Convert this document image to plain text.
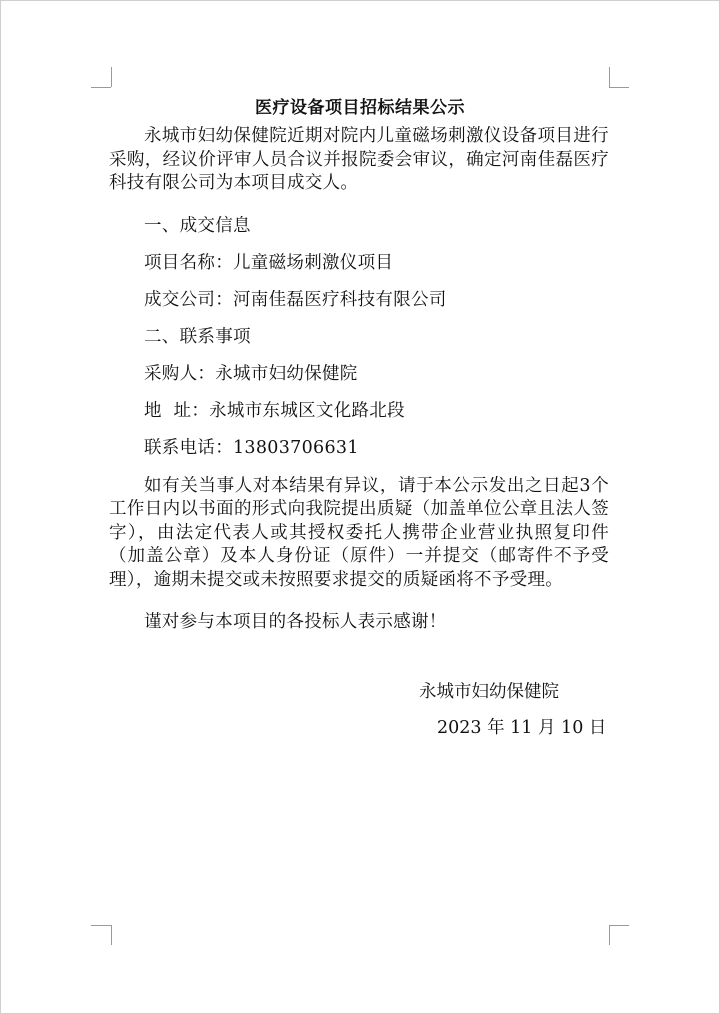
医疗设备项目招标结果公示

永城市妇幼保健院近期对院内儿童磁场刺激仪设备项目进行采购，经议价评审人员合议并报院委会审议，确定河南佳磊医疗科技有限公司为本项目成交人。

一、成交信息

项目名称：儿童磁场刺激仪项目

成交公司：河南佳磊医疗科技有限公司

二、联系事项

采购人：永城市妇幼保健院

地  址：永城市东城区文化路北段

联系电话：13803706631

如有关当事人对本结果有异议，请于本公示发出之日起3个工作日内以书面的形式向我院提出质疑（加盖单位公章且法人签字），由法定代表人或其授权委托人携带企业营业执照复印件（加盖公章）及本人身份证（原件）一并提交（邮寄件不予受理），逾期未提交或未按照要求提交的质疑函将不予受理。

谨对参与本项目的各投标人表示感谢！

永城市妇幼保健院
2023 年 11 月 10 日
